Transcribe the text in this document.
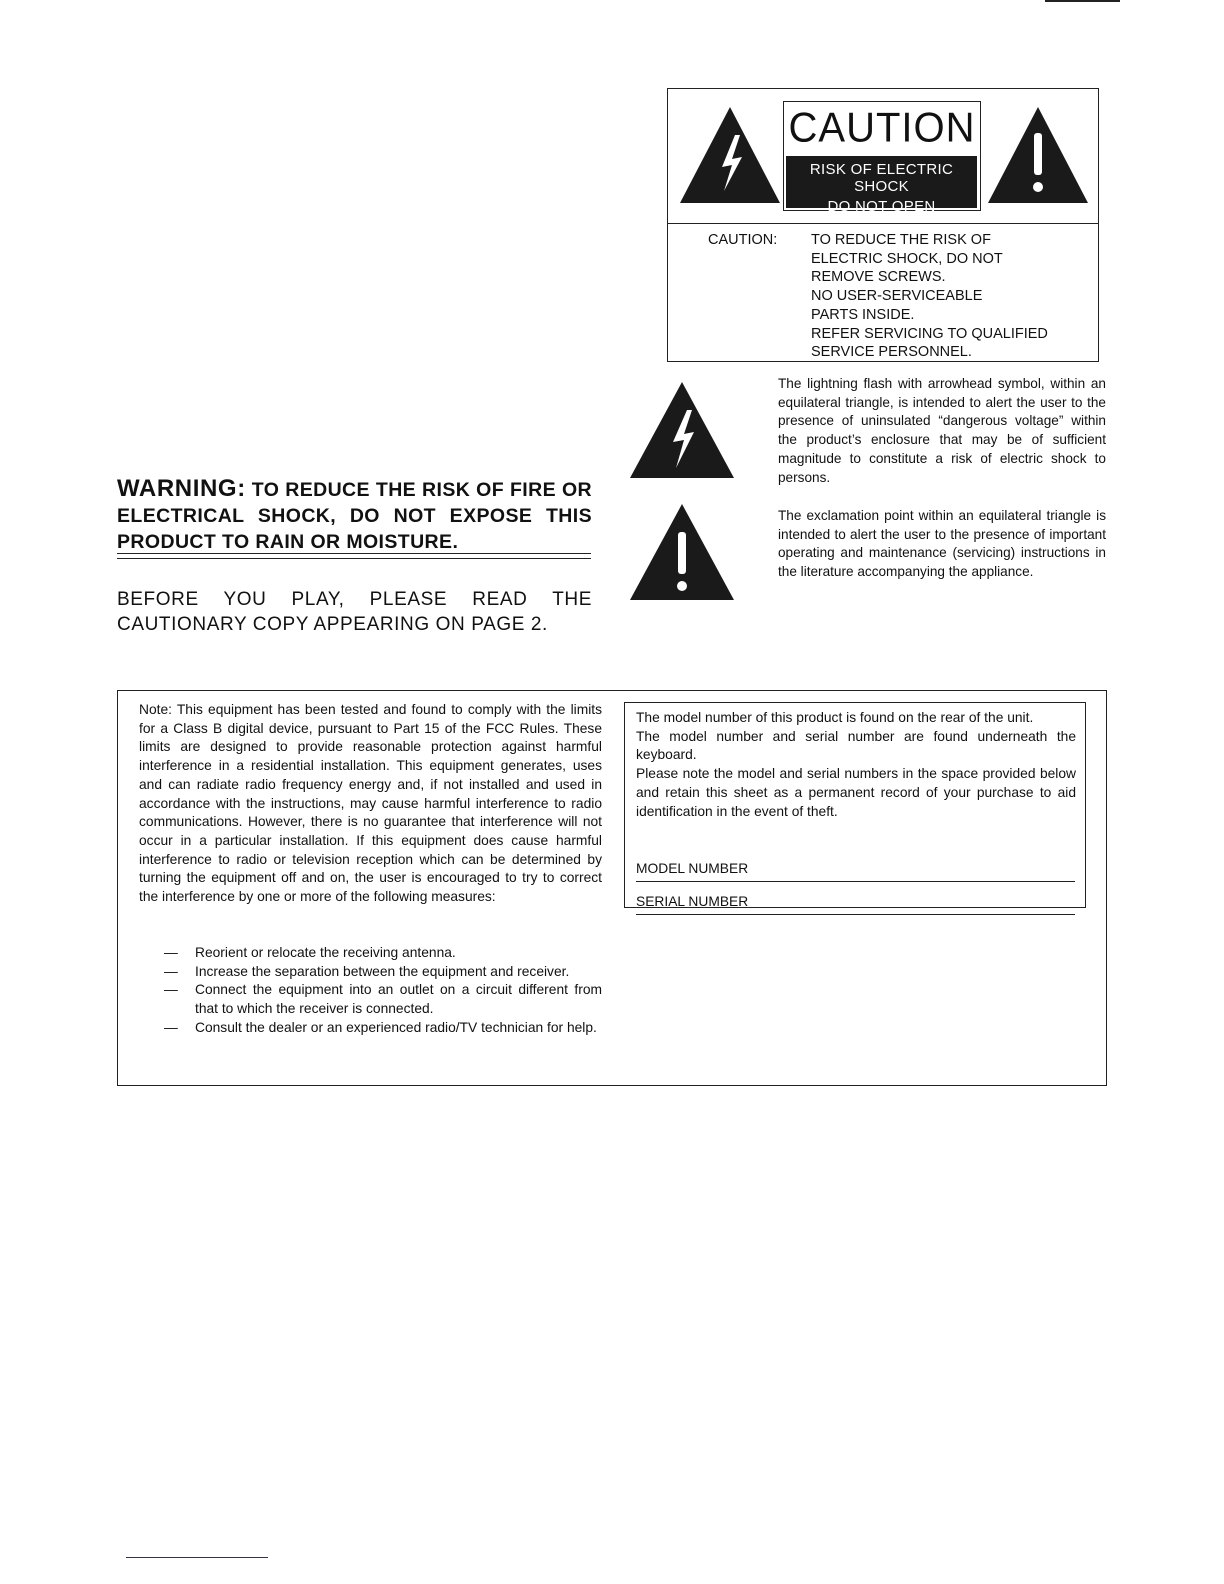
CAUTION
RISK OF ELECTRIC SHOCK
DO NOT OPEN
CAUTION:	TO REDUCE THE RISK OF
ELECTRIC SHOCK, DO NOT
REMOVE SCREWS.
NO USER-SERVICEABLE
PARTS INSIDE.
REFER SERVICING TO QUALIFIED
SERVICE PERSONNEL.
The lightning flash with arrowhead symbol, within an equilateral triangle, is intended to alert the user to the presence of uninsulated “dangerous voltage” within the product’s enclosure that may be of sufficient magnitude to constitute a risk of electric shock to persons.
The exclamation point within an equilateral triangle is intended to alert the user to the presence of important operating and maintenance (servicing) instructions in the literature accompanying the appliance.
WARNING: TO REDUCE THE RISK OF FIRE OR ELECTRICAL SHOCK, DO NOT EXPOSE THIS PRODUCT TO RAIN OR MOISTURE.
BEFORE YOU PLAY, PLEASE READ THE CAUTIONARY COPY APPEARING ON PAGE 2.
Note: This equipment has been tested and found to comply with the limits for a Class B digital device, pursuant to Part 15 of the FCC Rules. These limits are designed to provide reasonable protection against harmful interference in a residential installation. This equipment generates, uses and can radiate radio frequency energy and, if not installed and used in accordance with the instructions, may cause harmful interference to radio communications. However, there is no guarantee that interference will not occur in a particular installation. If this equipment does cause harmful interference to radio or television reception which can be determined by turning the equipment off and on, the user is encouraged to try to correct the interference by one or more of the following measures:
— Reorient or relocate the receiving antenna.
— Increase the separation between the equipment and receiver.
— Connect the equipment into an outlet on a circuit different from that to which the receiver is connected.
— Consult the dealer or an experienced radio/TV technician for help.
The model number of this product is found on the rear of the unit.
The model number and serial number are found underneath the keyboard.
Please note the model and serial numbers in the space provided below and retain this sheet as a permanent record of your purchase to aid identification in the event of theft.
MODEL NUMBER
SERIAL NUMBER
